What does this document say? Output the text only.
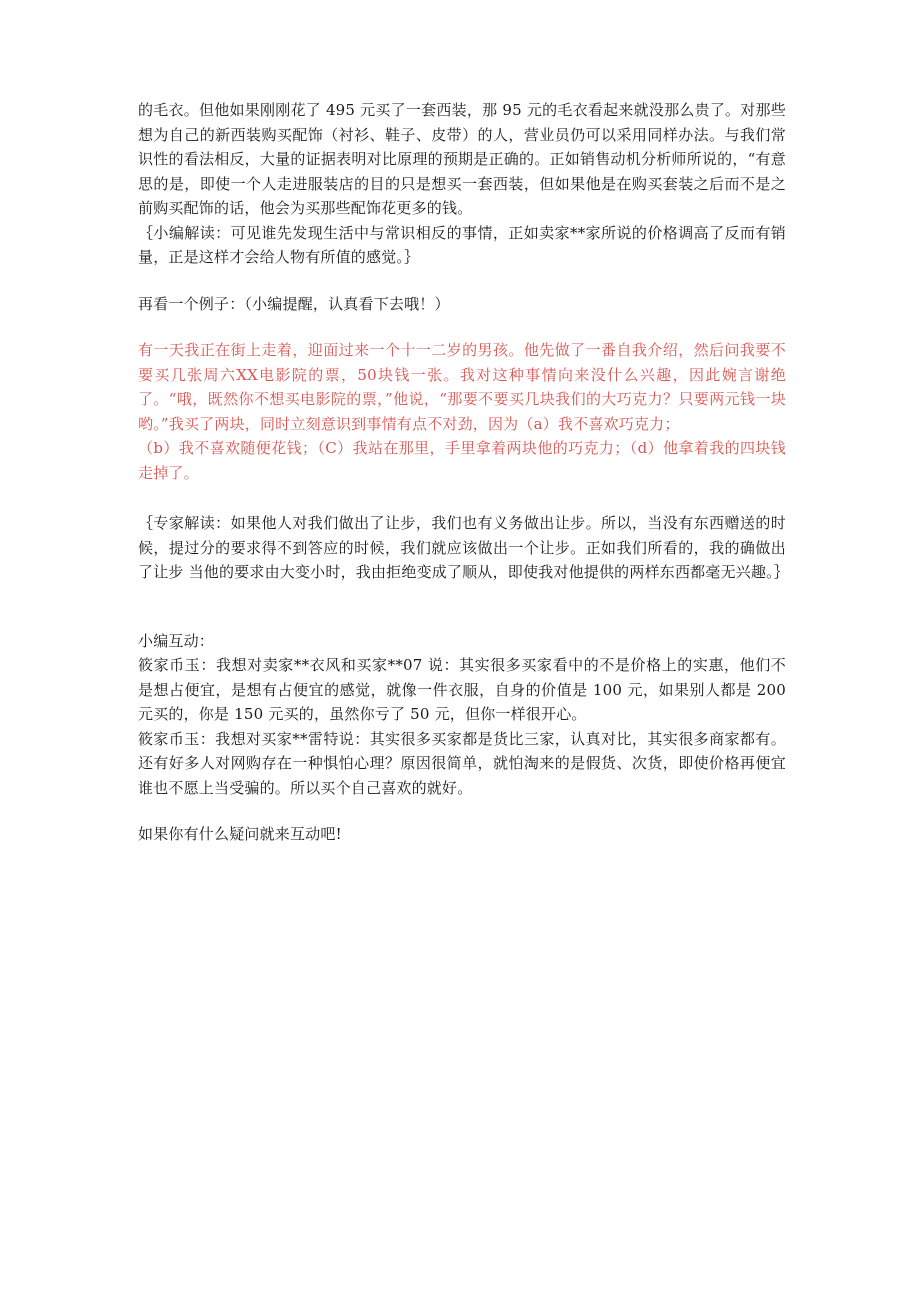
的毛衣。但他如果刚刚花了 495 元买了一套西装，那 95 元的毛衣看起来就没那么贵了。对那些想为自己的新西装购买配饰（衬衫、鞋子、皮带）的人，营业员仍可以采用同样办法。与我们常识性的看法相反，大量的证据表明对比原理的预期是正确的。正如销售动机分析师所说的，“有意思的是，即使一个人走进服装店的目的只是想买一套西装，但如果他是在购买套装之后而不是之前购买配饰的话，他会为买那些配饰花更多的钱。

｛小编解读：可见谁先发现生活中与常识相反的事情，正如卖家**家所说的价格调高了反而有销量，正是这样才会给人物有所值的感觉。｝

再看一个例子：（小编提醒，认真看下去哦！）

有一天我正在街上走着，迎面过来一个十一二岁的男孩。他先做了一番自我介绍，然后问我要不要买几张周六XX电影院的票，50块钱一张。我对这种事情向来没什么兴趣，因此婉言谢绝了。“哦，既然你不想买电影院的票，”他说，“那要不要买几块我们的大巧克力？只要两元钱一块哟。”我买了两块，同时立刻意识到事情有点不对劲，因为（a）我不喜欢巧克力；

（b）我不喜欢随便花钱；（C）我站在那里，手里拿着两块他的巧克力；（d）他拿着我的四块钱走掉了。

｛专家解读：如果他人对我们做出了让步，我们也有义务做出让步。所以，当没有东西赠送的时候，提过分的要求得不到答应的时候，我们就应该做出一个让步。正如我们所看的，我的确做出了让步 当他的要求由大变小时，我由拒绝变成了顺从，即使我对他提供的两样东西都毫无兴趣。｝

小编互动：

筱家币玉：我想对卖家**衣风和买家**07 说：其实很多买家看中的不是价格上的实惠，他们不是想占便宜，是想有占便宜的感觉，就像一件衣服，自身的价值是 100 元，如果别人都是 200 元买的，你是 150 元买的，虽然你亏了 50 元，但你一样很开心。

筱家币玉：我想对买家**雷特说：其实很多买家都是货比三家，认真对比，其实很多商家都有。还有好多人对网购存在一种惧怕心理？原因很简单，就怕淘来的是假货、次货，即使价格再便宜谁也不愿上当受骗的。所以买个自己喜欢的就好。

如果你有什么疑问就来互动吧!
